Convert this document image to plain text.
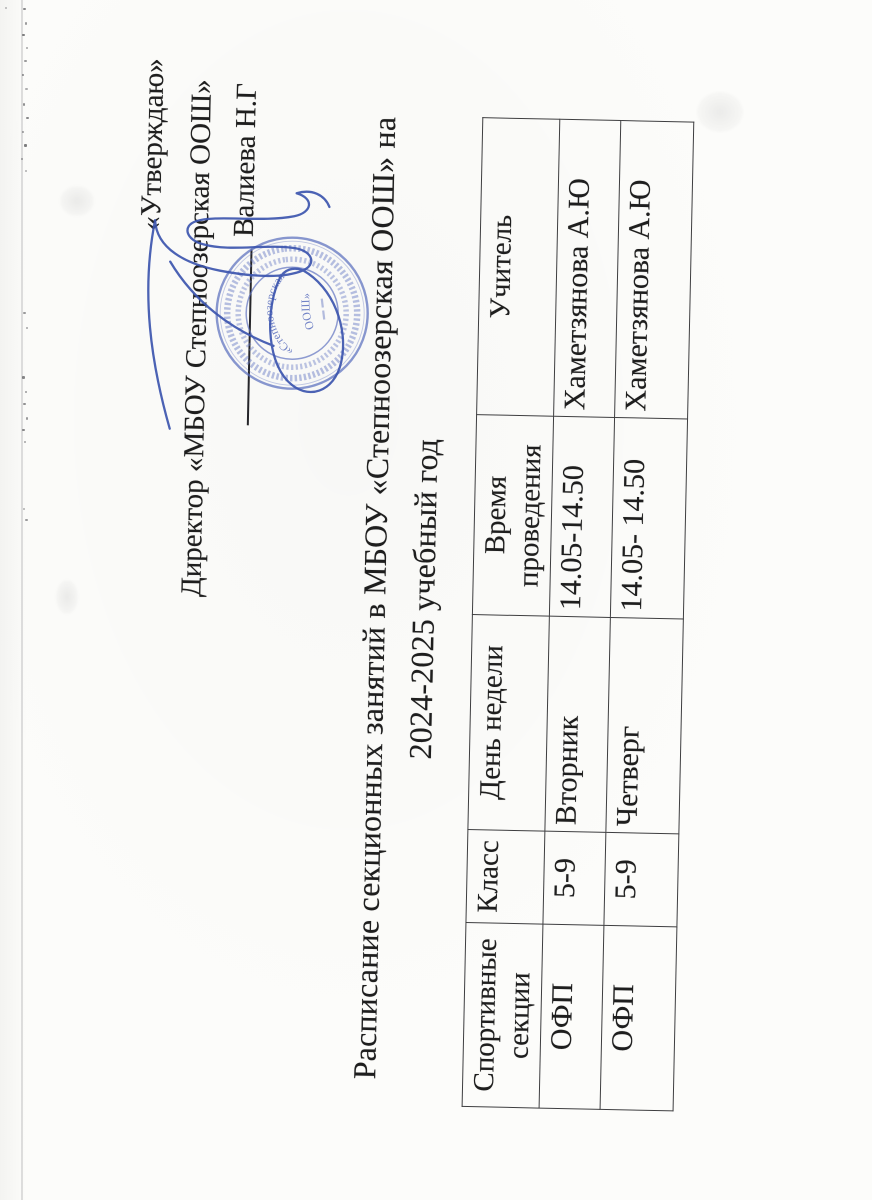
«Утверждаю» Директор «МБОУ Степноозерская ООШ» Валиева Н.Г
«Степноозерская
ООШ» Расписание секционных занятий в МБОУ «Степноозерская ООШ» на 2024-2025 учебный год
Спортивные секции	Класс	День недели	Время проведения	Учитель
ОФП	5-9	Вторник	14.05-14.50	Хаметзянова А.Ю
ОФП	5-9	Четверг	14.05- 14.50	Хаметзянова А.Ю
